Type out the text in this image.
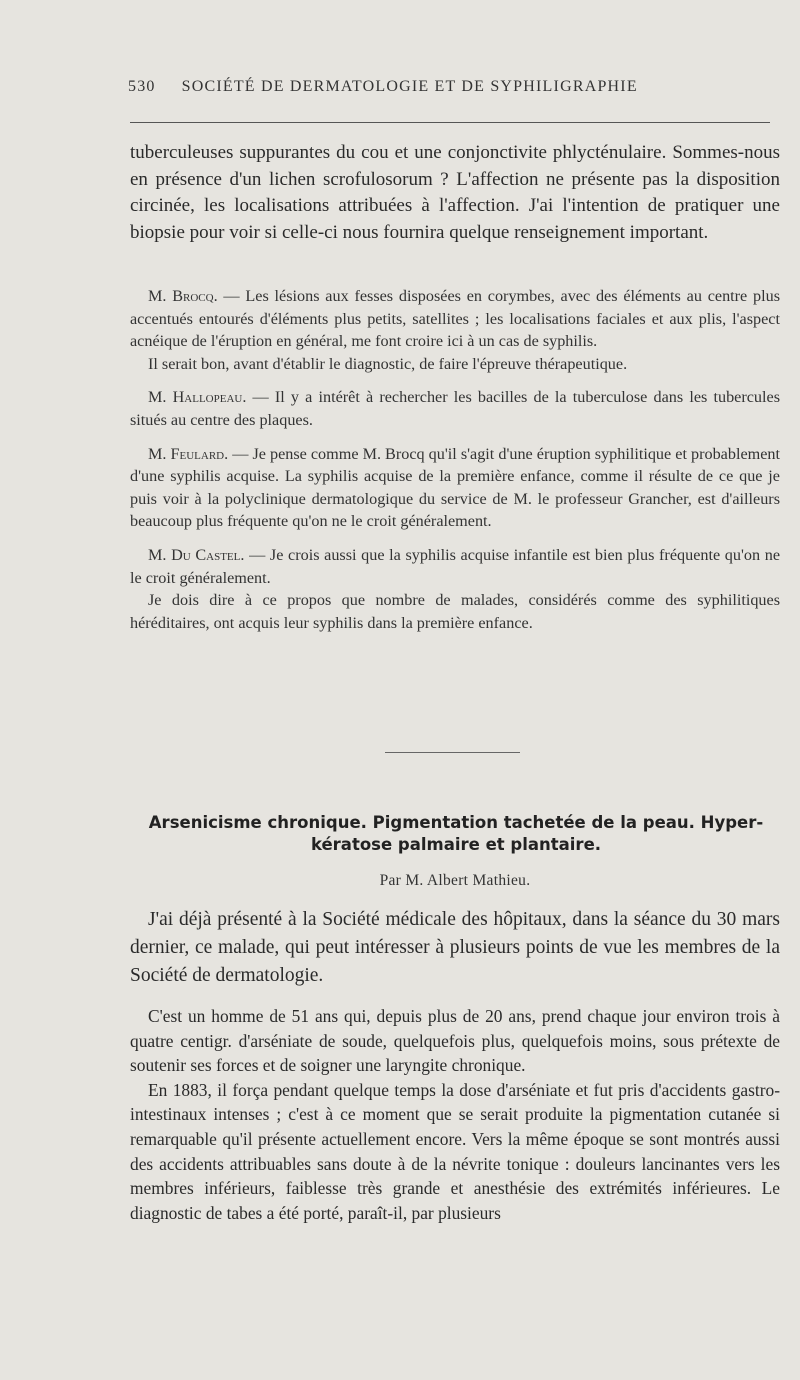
530 SOCIÉTÉ DE DERMATOLOGIE ET DE SYPHILIGRAPHIE

tuberculeuses suppurantes du cou et une conjonctivite phlycténulaire. Sommes-nous en présence d'un lichen scrofulosorum ? L'affection ne présente pas la disposition circinée, les localisations attribuées à l'affection. J'ai l'intention de pratiquer une biopsie pour voir si celle-ci nous fournira quelque renseignement important.

M. Brocq. — Les lésions aux fesses disposées en corymbes, avec des éléments au centre plus accentués entourés d'éléments plus petits, satellites ; les localisations faciales et aux plis, l'aspect acnéique de l'éruption en général, me font croire ici à un cas de syphilis.

Il serait bon, avant d'établir le diagnostic, de faire l'épreuve thérapeutique.

M. Hallopeau. — Il y a intérêt à rechercher les bacilles de la tuberculose dans les tubercules situés au centre des plaques.

M. Feulard. — Je pense comme M. Brocq qu'il s'agit d'une éruption syphilitique et probablement d'une syphilis acquise. La syphilis acquise de la première enfance, comme il résulte de ce que je puis voir à la polyclinique dermatologique du service de M. le professeur Grancher, est d'ailleurs beaucoup plus fréquente qu'on ne le croit généralement.

M. Du Castel. — Je crois aussi que la syphilis acquise infantile est bien plus fréquente qu'on ne le croit généralement.

Je dois dire à ce propos que nombre de malades, considérés comme des syphilitiques héréditaires, ont acquis leur syphilis dans la première enfance.

Arsenicisme chronique. Pigmentation tachetée de la peau. Hyper-
kératose palmaire et plantaire.
Par M. Albert Mathieu.

J'ai déjà présenté à la Société médicale des hôpitaux, dans la séance du 30 mars dernier, ce malade, qui peut intéresser à plusieurs points de vue les membres de la Société de dermatologie.

C'est un homme de 51 ans qui, depuis plus de 20 ans, prend chaque jour environ trois à quatre centigr. d'arséniate de soude, quelquefois plus, quelquefois moins, sous prétexte de soutenir ses forces et de soigner une laryngite chronique.

En 1883, il força pendant quelque temps la dose d'arséniate et fut pris d'accidents gastro-intestinaux intenses ; c'est à ce moment que se serait produite la pigmentation cutanée si remarquable qu'il présente actuellement encore. Vers la même époque se sont montrés aussi des accidents attribuables sans doute à de la névrite tonique : douleurs lancinantes vers les membres inférieurs, faiblesse très grande et anesthésie des extrémités inférieures. Le diagnostic de tabes a été porté, paraît-il, par plusieurs
